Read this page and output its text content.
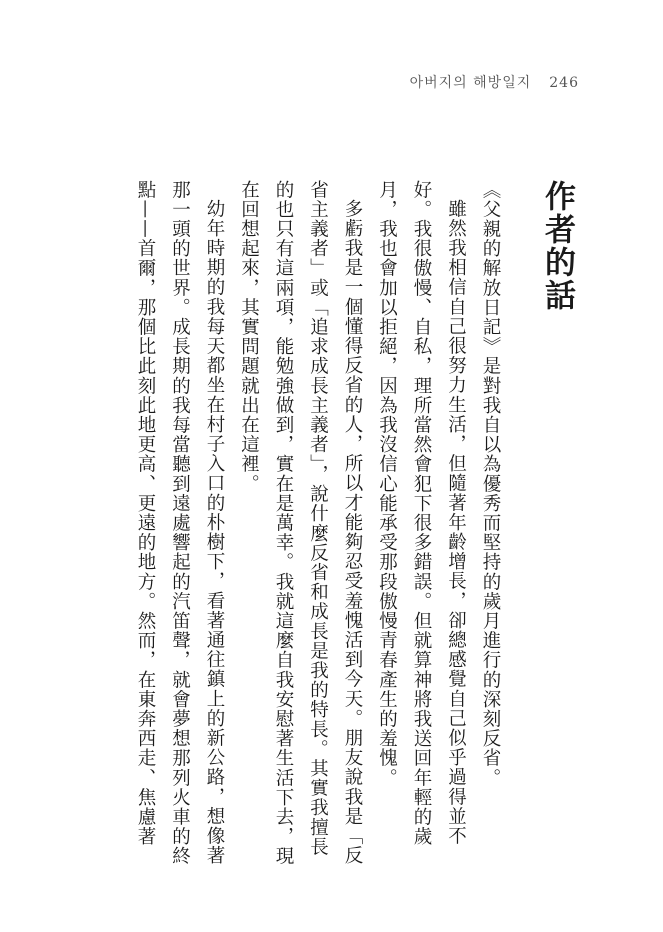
아버지의 해방일지 246
作者的話

《父親的解放日記》是對我自以為優秀而堅持的歲月進行的深刻反省。

雖然我相信自己很努力生活，但隨著年齡增長，卻總感覺自己似乎過得並不好。我很傲慢、自私，理所當然會犯下很多錯誤。但就算神將我送回年輕的歲月，我也會加以拒絕，因為我沒信心能承受那段傲慢青春產生的羞愧。

多虧我是一個懂得反省的人，所以才能夠忍受羞愧活到今天。朋友說我是「反省主義者」或「追求成長主義者」，說什麼反省和成長是我的特長。其實我擅長的也只有這兩項，能勉強做到，實在是萬幸。我就這麼自我安慰著生活下去，現在回想起來，其實問題就出在這裡。

幼年時期的我每天都坐在村子入口的朴樹下，看著通往鎮上的新公路，想像著那一頭的世界。成長期的我每當聽到遠處響起的汽笛聲，就會夢想那列火車的終點——首爾，那個比此刻此地更高、更遠的地方。然而，在東奔西走、焦慮著
